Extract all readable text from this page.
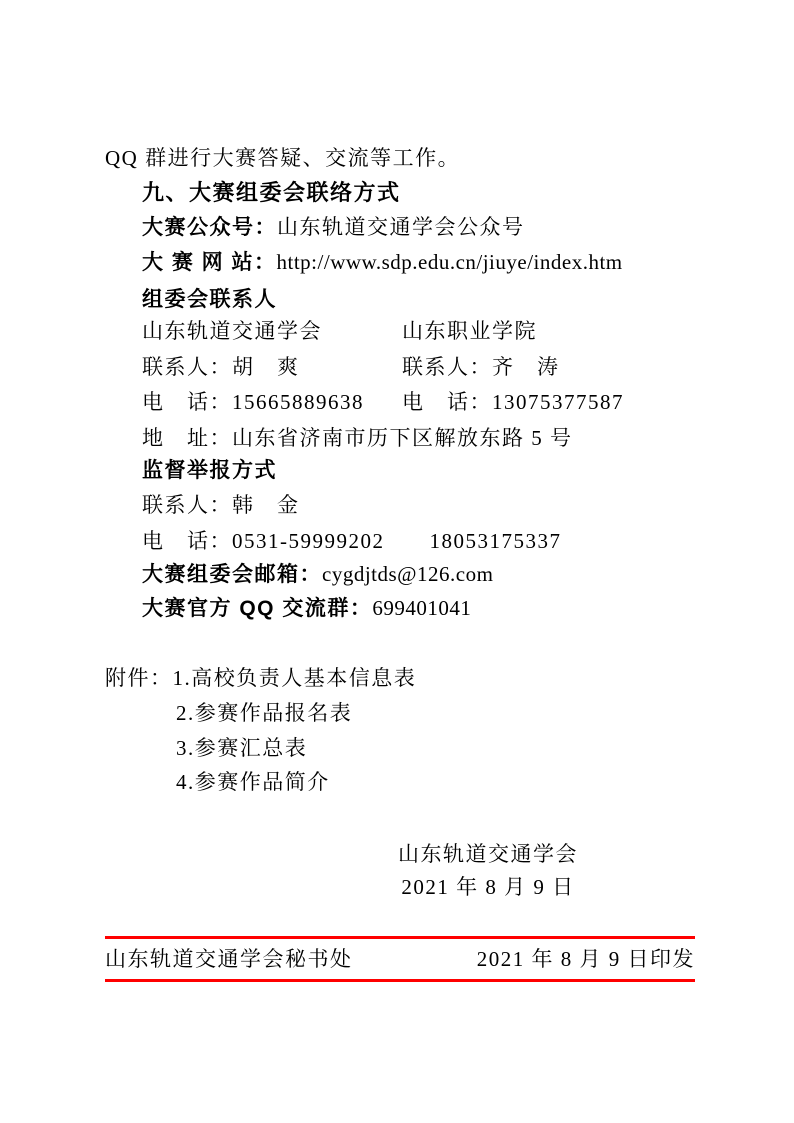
QQ 群进行大赛答疑、交流等工作。

九、大赛组委会联络方式

大赛公众号：山东轨道交通学会公众号

大 赛 网 站：http://www.sdp.edu.cn/jiuye/index.htm

组委会联系人

山东轨道交通学会	山东职业学院

联系人：胡　爽	联系人：齐　涛

电　话：15665889638 电　话：13075377587

地　址：山东省济南市历下区解放东路 5 号

监督举报方式

联系人：韩　金

电　话：0531-59999202　　18053175337

大赛组委会邮箱：cygdjtds@126.com

大赛官方 QQ 交流群：699401041

附件：1.高校负责人基本信息表

2.参赛作品报名表

3.参赛汇总表

4.参赛作品简介

山东轨道交通学会

2021 年 8 月 9 日

山东轨道交通学会秘书处	2021 年 8 月 9 日印发
